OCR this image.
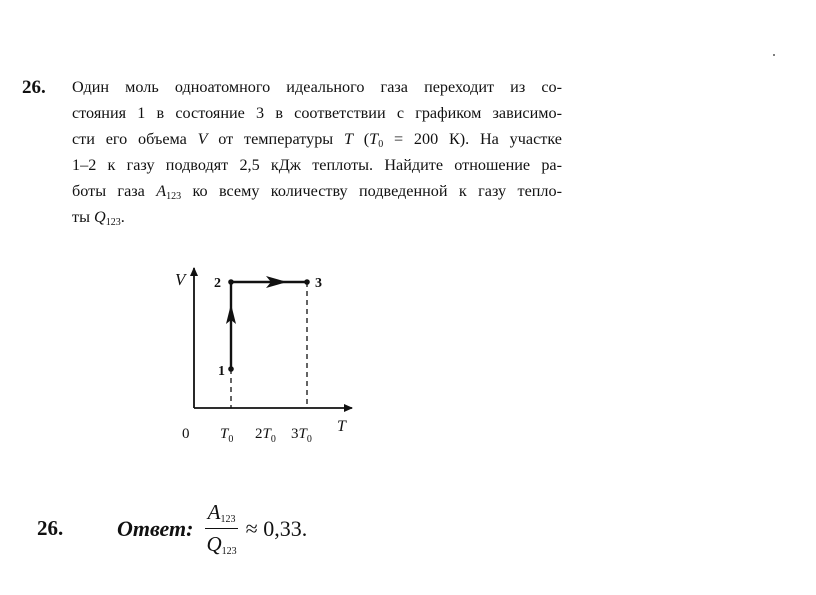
26. Один моль одноатомного идеального газа переходит из со-
стояния 1 в состояние 3 в соответствии с графиком зависимо-
сти его объема V от температуры T ($T_0 = 200$ К). На участке
1–2 к газу подводят 2,5 кДж теплоты. Найдите отношение ра-
боты газа $A_{123}$ ко всему количеству подведенной к газу тепло-
ты $Q_{123}$.
V
T
0
1
2	3
$T_0$ $2T_0$ $3T_0$
26. Ответ: $\frac{A_{123}}{Q_{123}} \approx 0,33$.
